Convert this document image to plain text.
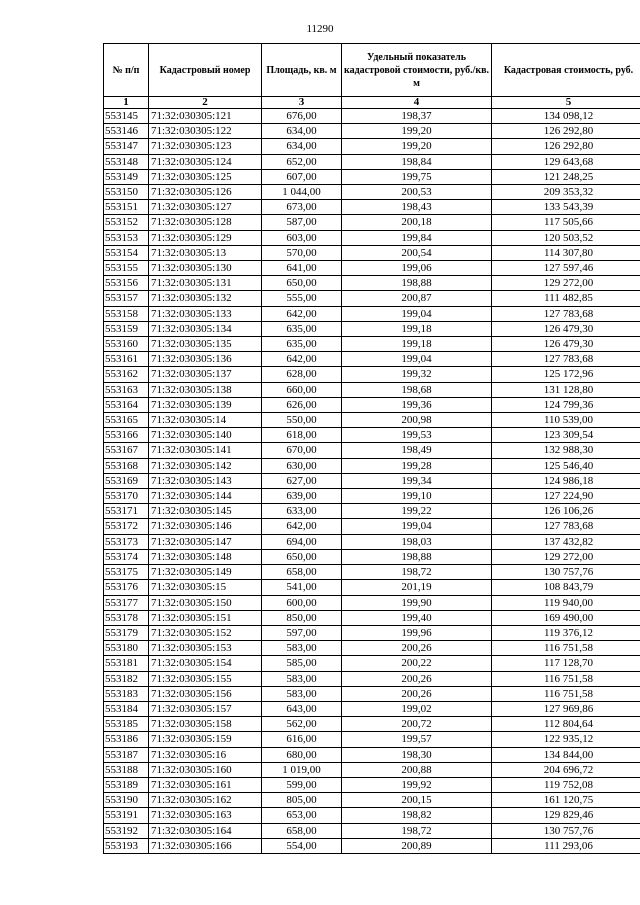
11290
№ п/п	Кадастровый номер	Площадь, кв. м	Удельный показатель кадастровой стоимости, руб./кв. м	Кадастровая стоимость, руб.
1	2	3	4	5
553145	71:32:030305:121	676,00	198,37	134 098,12
553146	71:32:030305:122	634,00	199,20	126 292,80
553147	71:32:030305:123	634,00	199,20	126 292,80
553148	71:32:030305:124	652,00	198,84	129 643,68
553149	71:32:030305:125	607,00	199,75	121 248,25
553150	71:32:030305:126	1 044,00	200,53	209 353,32
553151	71:32:030305:127	673,00	198,43	133 543,39
553152	71:32:030305:128	587,00	200,18	117 505,66
553153	71:32:030305:129	603,00	199,84	120 503,52
553154	71:32:030305:13	570,00	200,54	114 307,80
553155	71:32:030305:130	641,00	199,06	127 597,46
553156	71:32:030305:131	650,00	198,88	129 272,00
553157	71:32:030305:132	555,00	200,87	111 482,85
553158	71:32:030305:133	642,00	199,04	127 783,68
553159	71:32:030305:134	635,00	199,18	126 479,30
553160	71:32:030305:135	635,00	199,18	126 479,30
553161	71:32:030305:136	642,00	199,04	127 783,68
553162	71:32:030305:137	628,00	199,32	125 172,96
553163	71:32:030305:138	660,00	198,68	131 128,80
553164	71:32:030305:139	626,00	199,36	124 799,36
553165	71:32:030305:14	550,00	200,98	110 539,00
553166	71:32:030305:140	618,00	199,53	123 309,54
553167	71:32:030305:141	670,00	198,49	132 988,30
553168	71:32:030305:142	630,00	199,28	125 546,40
553169	71:32:030305:143	627,00	199,34	124 986,18
553170	71:32:030305:144	639,00	199,10	127 224,90
553171	71:32:030305:145	633,00	199,22	126 106,26
553172	71:32:030305:146	642,00	199,04	127 783,68
553173	71:32:030305:147	694,00	198,03	137 432,82
553174	71:32:030305:148	650,00	198,88	129 272,00
553175	71:32:030305:149	658,00	198,72	130 757,76
553176	71:32:030305:15	541,00	201,19	108 843,79
553177	71:32:030305:150	600,00	199,90	119 940,00
553178	71:32:030305:151	850,00	199,40	169 490,00
553179	71:32:030305:152	597,00	199,96	119 376,12
553180	71:32:030305:153	583,00	200,26	116 751,58
553181	71:32:030305:154	585,00	200,22	117 128,70
553182	71:32:030305:155	583,00	200,26	116 751,58
553183	71:32:030305:156	583,00	200,26	116 751,58
553184	71:32:030305:157	643,00	199,02	127 969,86
553185	71:32:030305:158	562,00	200,72	112 804,64
553186	71:32:030305:159	616,00	199,57	122 935,12
553187	71:32:030305:16	680,00	198,30	134 844,00
553188	71:32:030305:160	1 019,00	200,88	204 696,72
553189	71:32:030305:161	599,00	199,92	119 752,08
553190	71:32:030305:162	805,00	200,15	161 120,75
553191	71:32:030305:163	653,00	198,82	129 829,46
553192	71:32:030305:164	658,00	198,72	130 757,76
553193	71:32:030305:166	554,00	200,89	111 293,06
